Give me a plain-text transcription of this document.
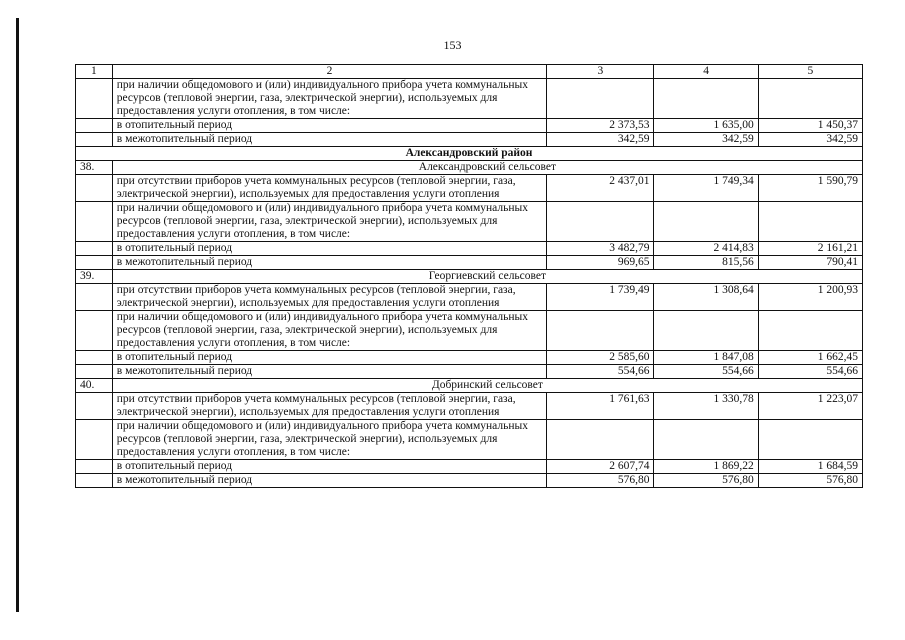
153
1	2	3	4	5
	при наличии общедомового и (или) индивидуального прибора учета коммунальных ресурсов (тепловой энергии, газа, электрической энергии), используемых для предоставления услуги отопления, в том числе:			
	в отопительный период	2 373,53	1 635,00	1 450,37
	в межотопительный период	342,59	342,59	342,59
Александровский район				
38.	Александровский сельсовет			
	при отсутствии приборов учета коммунальных ресурсов (тепловой энергии, газа, электрической энергии), используемых для предоставления услуги отопления	2 437,01	1 749,34	1 590,79
	при наличии общедомового и (или) индивидуального прибора учета коммунальных ресурсов (тепловой энергии, газа, электрической энергии), используемых для предоставления услуги отопления, в том числе:			
	в отопительный период	3 482,79	2 414,83	2 161,21
	в межотопительный период	969,65	815,56	790,41
39.	Георгиевский сельсовет			
	при отсутствии приборов учета коммунальных ресурсов (тепловой энергии, газа, электрической энергии), используемых для предоставления услуги отопления	1 739,49	1 308,64	1 200,93
	при наличии общедомового и (или) индивидуального прибора учета коммунальных ресурсов (тепловой энергии, газа, электрической энергии), используемых для предоставления услуги отопления, в том числе:			
	в отопительный период	2 585,60	1 847,08	1 662,45
	в межотопительный период	554,66	554,66	554,66
40.	Добринский сельсовет			
	при отсутствии приборов учета коммунальных ресурсов (тепловой энергии, газа, электрической энергии), используемых для предоставления услуги отопления	1 761,63	1 330,78	1 223,07
	при наличии общедомового и (или) индивидуального прибора учета коммунальных ресурсов (тепловой энергии, газа, электрической энергии), используемых для предоставления услуги отопления, в том числе:			
	в отопительный период	2 607,74	1 869,22	1 684,59
	в межотопительный период	576,80	576,80	576,80
